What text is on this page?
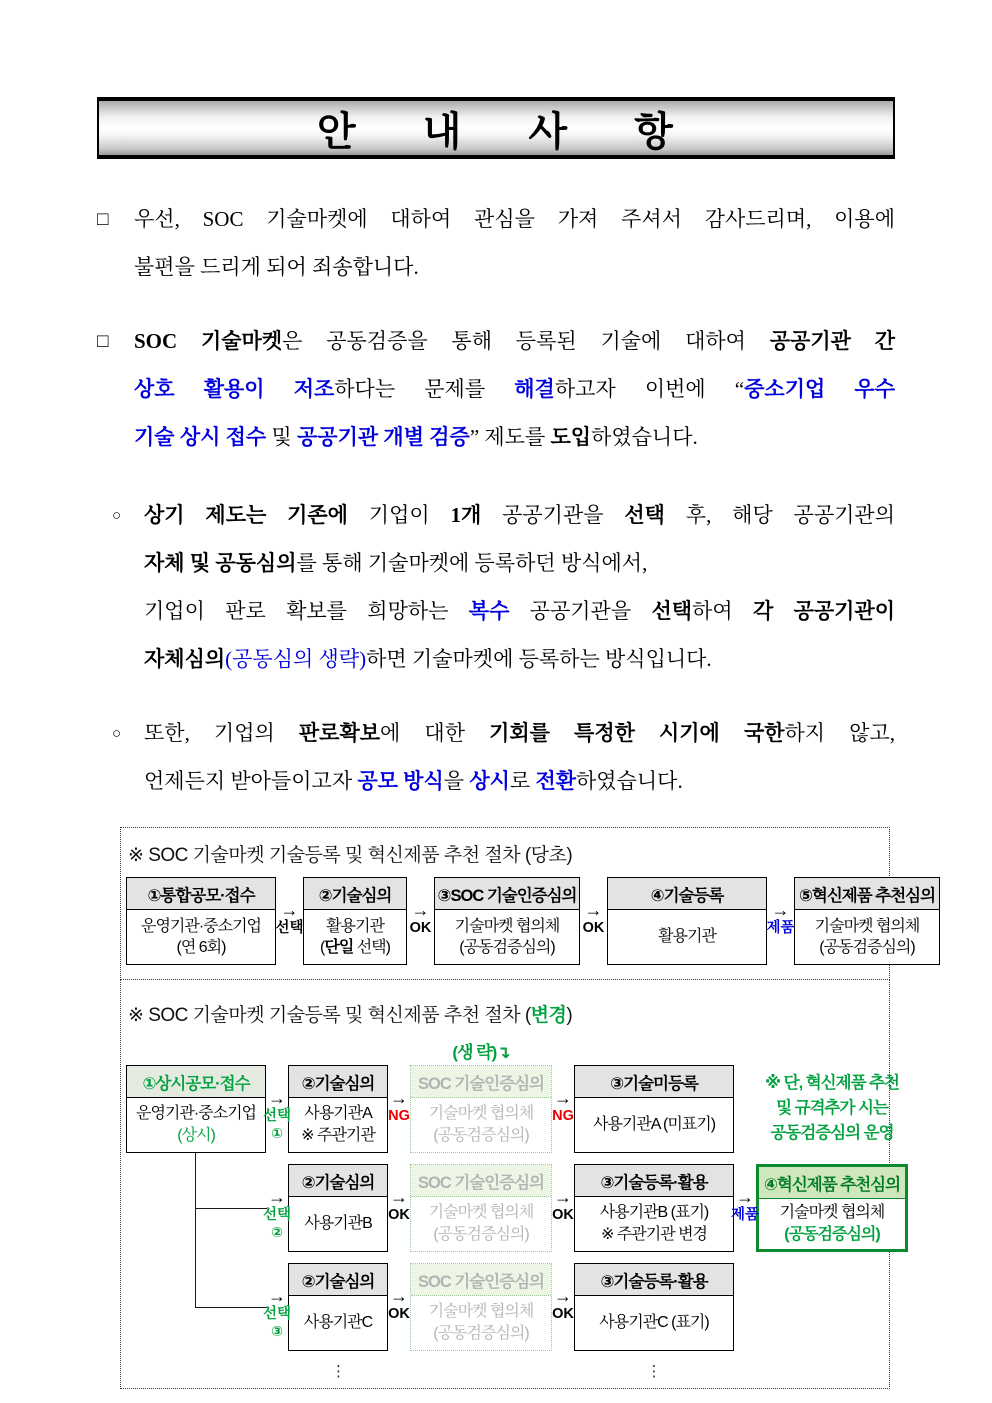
안 내 사 항
□	우선, SOC 기술마켓에 대하여 관심을 가져 주셔서 감사드리며, 이용에
불편을 드리게 되어 죄송합니다.
□	SOC 기술마켓은 공동검증을 통해 등록된 기술에 대하여 공공기관 간
상호 활용이 저조하다는 문제를 해결하고자 이번에 “중소기업 우수
기술 상시 접수 및 공공기관 개별 검증” 제도를 도입하였습니다.
○	상기 제도는 기존에 기업이 1개 공공기관을 선택 후, 해당 공공기관의
자체 및 공동심의를 통해 기술마켓에 등록하던 방식에서,
기업이 판로 확보를 희망하는 복수 공공기관을 선택하여 각 공공기관이
자체심의(공동심의 생략)하면 기술마켓에 등록하는 방식입니다.
○	또한, 기업의 판로확보에 대한 기회를 특정한 시기에 국한하지 않고,
언제든지 받아들이고자 공모 방식을 상시로 전환하였습니다.
※ SOC 기술마켓 기술등록 및 혁신제품 추천 절차 (당초)
①통합공모·접수
운영기관·중소기업
(연 6회)
→
선택
②기술심의
활용기관
(단일 선택)
→
OK
③SOC 기술인증심의
기술마켓 협의체
(공동검증심의)
→
OK
④기술등록
활용기관
→
제품
⑤혁신제품 추천심의
기술마켓 협의체
(공동검증심의)
※ SOC 기술마켓 기술등록 및 혁신제품 추천 절차 (변경)
(생 략)↴
①상시공모·접수
운영기관·중소기업
(상시)
→
선택
①
②기술심의
사용기관A
※ 주관기관
→
NG
SOC 기술인증심의
기술마켓 협의체
(공동검증심의)
→
NG
③기술미등록
사용기관A (미표기)
※ 단, 혁신제품 추천
및 규격추가 시는
공동검증심의 운영
→
선택
②
②기술심의
사용기관B
→
OK
SOC 기술인증심의
기술마켓 협의체
(공동검증심의)
→
OK
③기술등록·활용
사용기관B (표기)
※ 주관기관 변경
→
제품
④혁신제품 추천심의
기술마켓 협의체
(공동검증심의)
→
선택
③
②기술심의
사용기관C
→
OK
SOC 기술인증심의
기술마켓 협의체
(공동검증심의)
→
OK
③기술등록·활용
사용기관C (표기)
⋮	⋮
